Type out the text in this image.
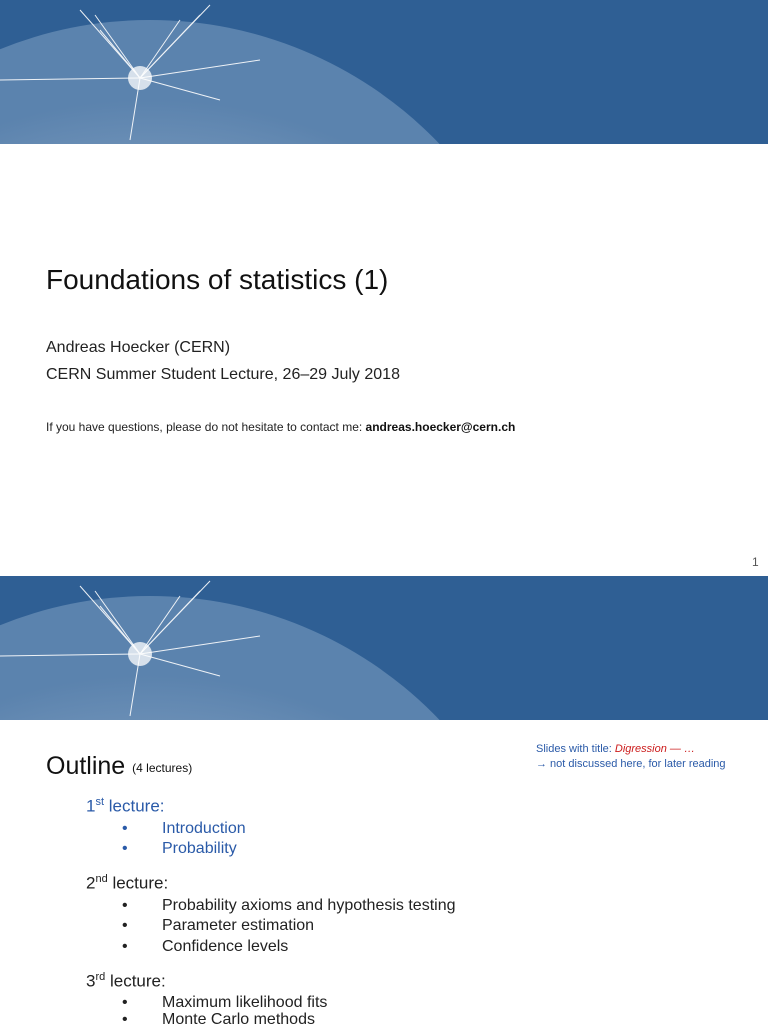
Foundations of statistics (1)
Andreas Hoecker (CERN)
CERN Summer Student Lecture, 26–29 July 2018
If you have questions, please do not hesitate to contact me: andreas.hoecker@cern.ch
1
Outline (4 lectures)
Slides with title: Digression — …
→ not discussed here, for later reading
1st lecture:
• Introduction
• Probability
2nd lecture:
• Probability axioms and hypothesis testing
• Parameter estimation
• Confidence levels
3rd lecture:
• Maximum likelihood fits
• Monte Carlo methods
